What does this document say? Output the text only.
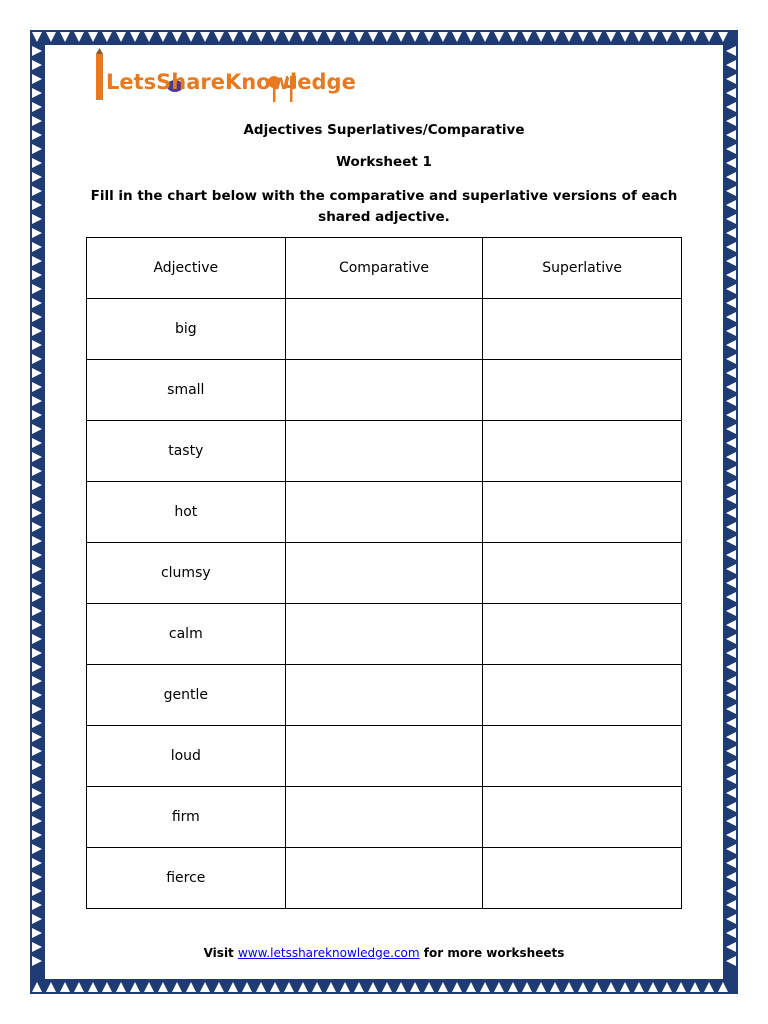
LetsShareKnowledge
Adjectives Superlatives/Comparative
Worksheet 1
Fill in the chart below with the comparative and superlative versions of each shared adjective.
Adjective	Comparative	Superlative
big		
small		
tasty		
hot		
clumsy		
calm		
gentle		
loud		
firm		
fierce		
Visit www.letsshareknowledge.com for more worksheets
